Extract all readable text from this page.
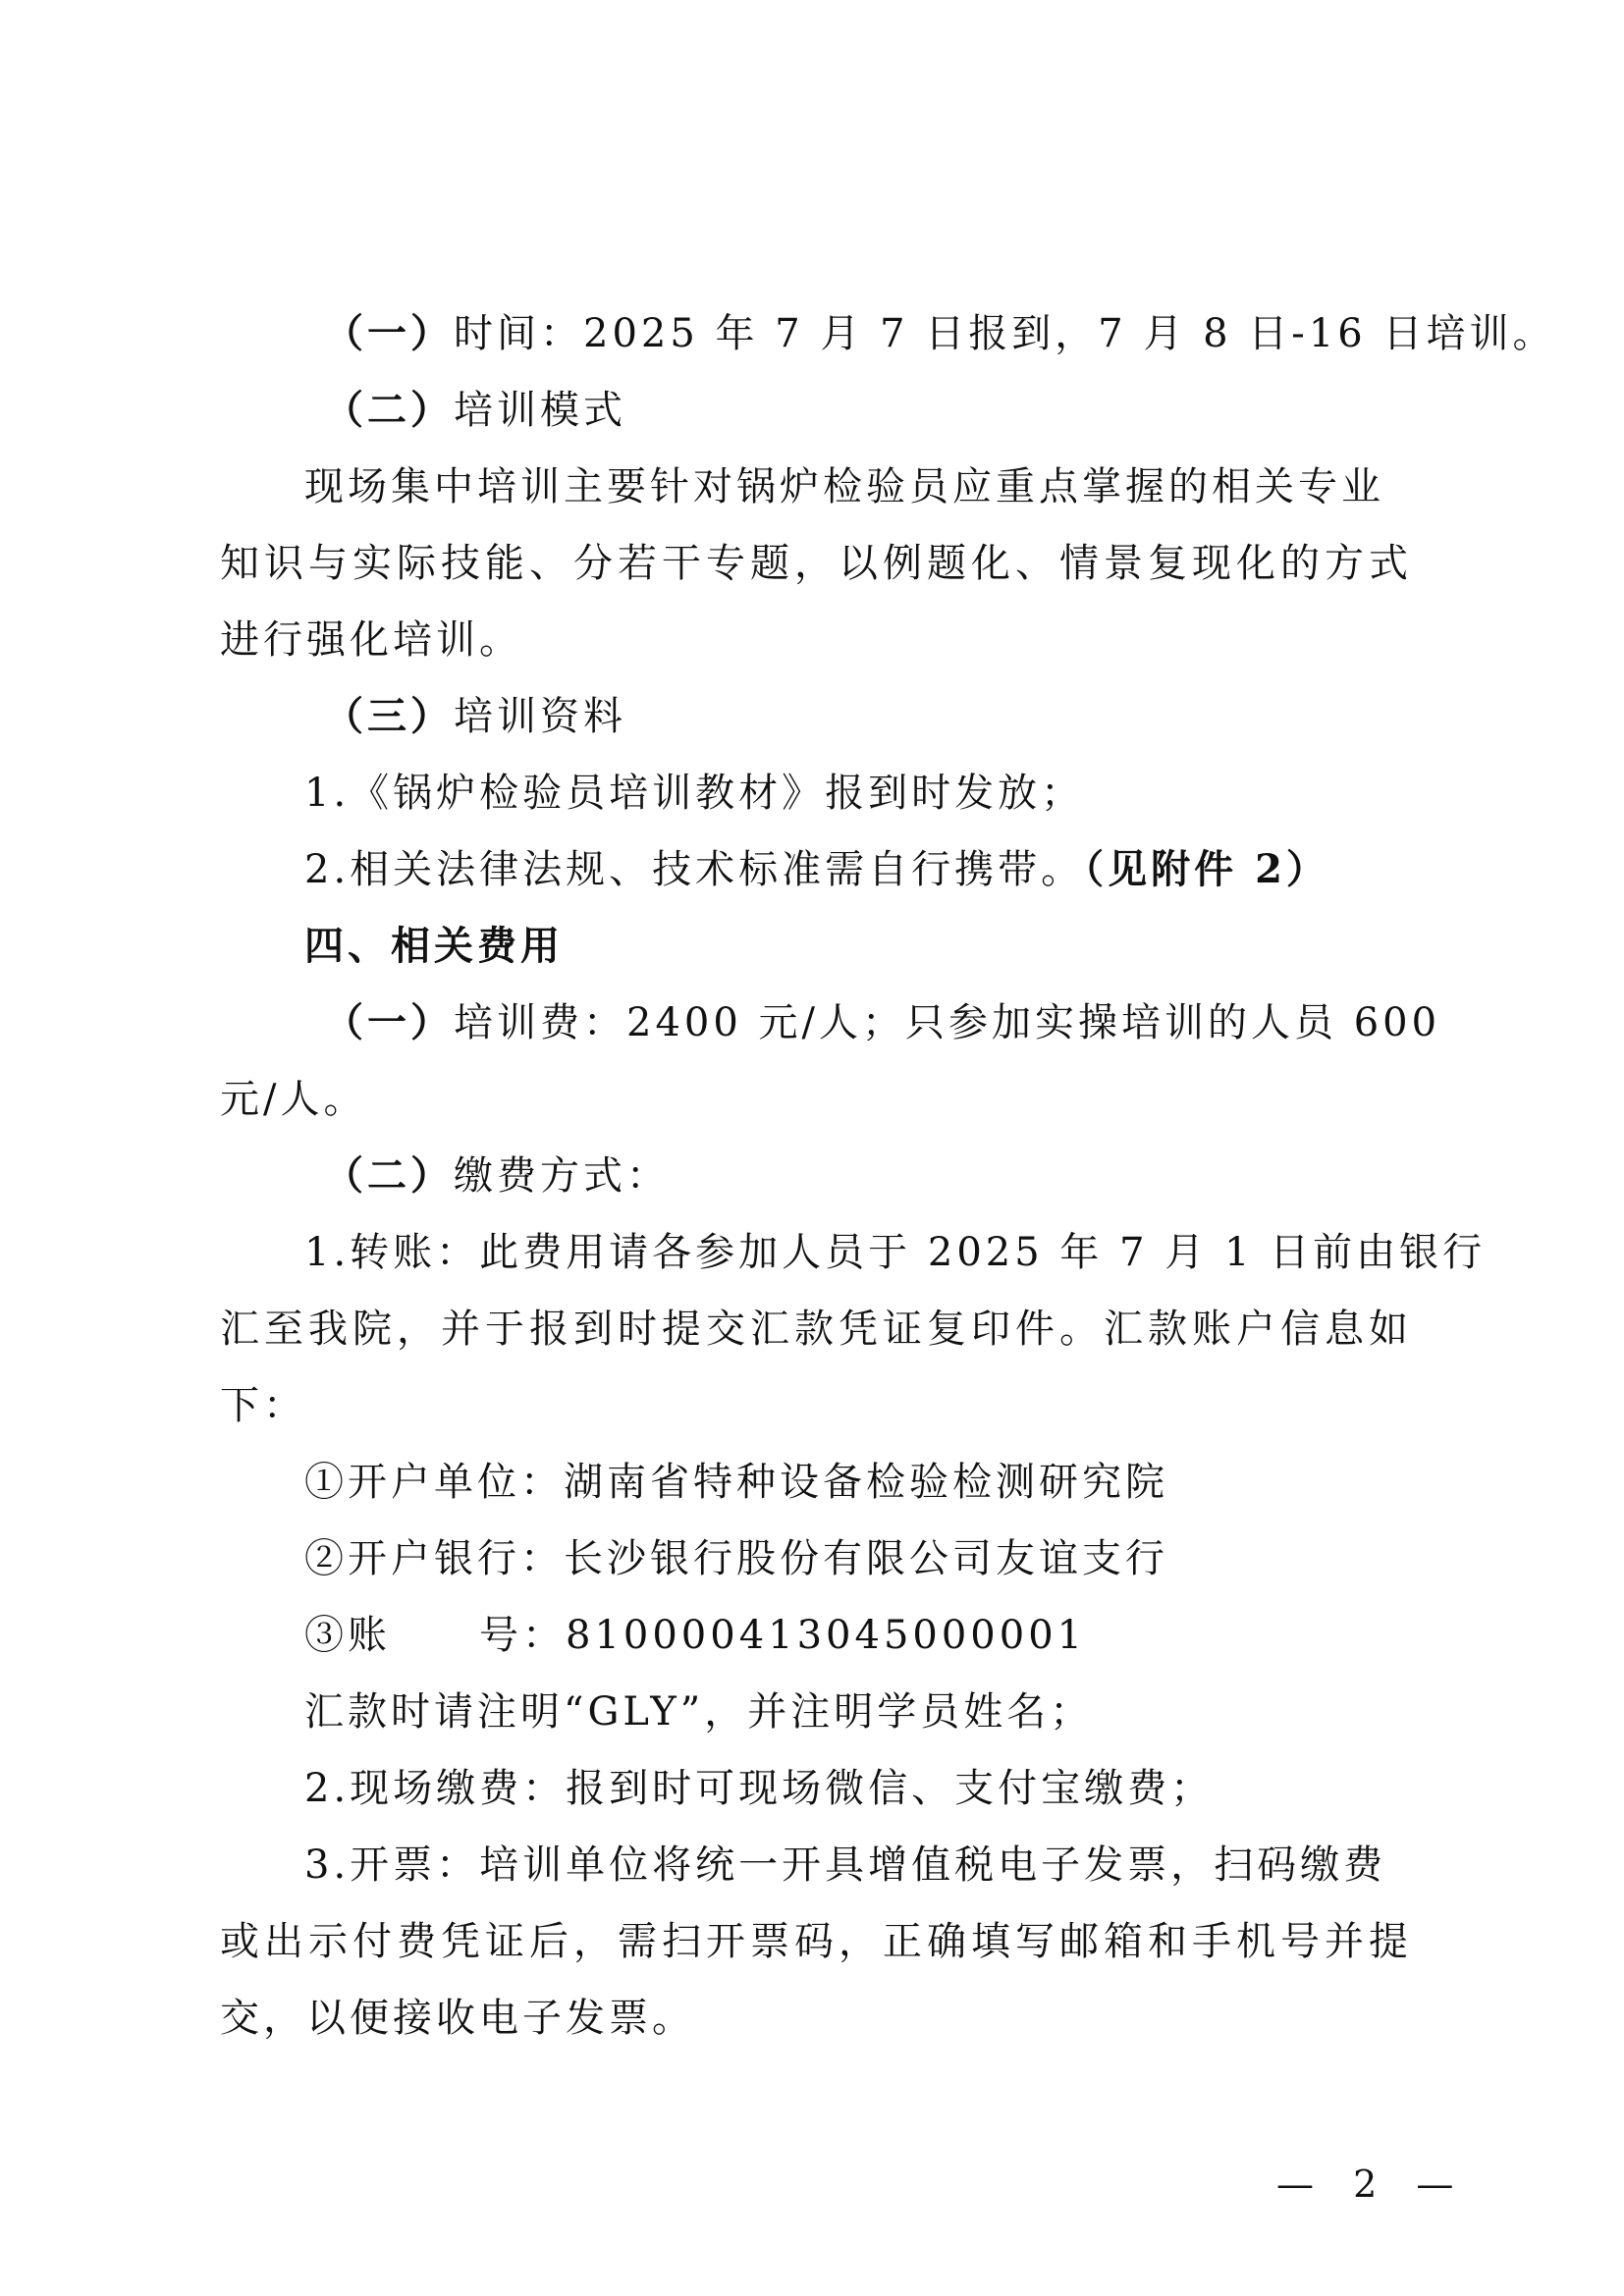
（一）时间：2025 年 7 月 7 日报到，7 月 8 日-16 日培训。
（二）培训模式
现场集中培训主要针对锅炉检验员应重点掌握的相关专业
知识与实际技能、分若干专题，以例题化、情景复现化的方式
进行强化培训。
（三）培训资料
1.《锅炉检验员培训教材》报到时发放；
2.相关法律法规、技术标准需自行携带。（见附件 2）
四、相关费用
（一）培训费：2400 元/人；只参加实操培训的人员 600
元/人。
（二）缴费方式：
1.转账：此费用请各参加人员于 2025 年 7 月 1 日前由银行
汇至我院，并于报到时提交汇款凭证复印件。汇款账户信息如
下：
①开户单位：湖南省特种设备检验检测研究院
②开户银行：长沙银行股份有限公司友谊支行
③账 号：810000413045000001
汇款时请注明“GLY”，并注明学员姓名；
2.现场缴费：报到时可现场微信、支付宝缴费；
3.开票：培训单位将统一开具增值税电子发票，扫码缴费
或出示付费凭证后，需扫开票码，正确填写邮箱和手机号并提
交，以便接收电子发票。
— 2 —
